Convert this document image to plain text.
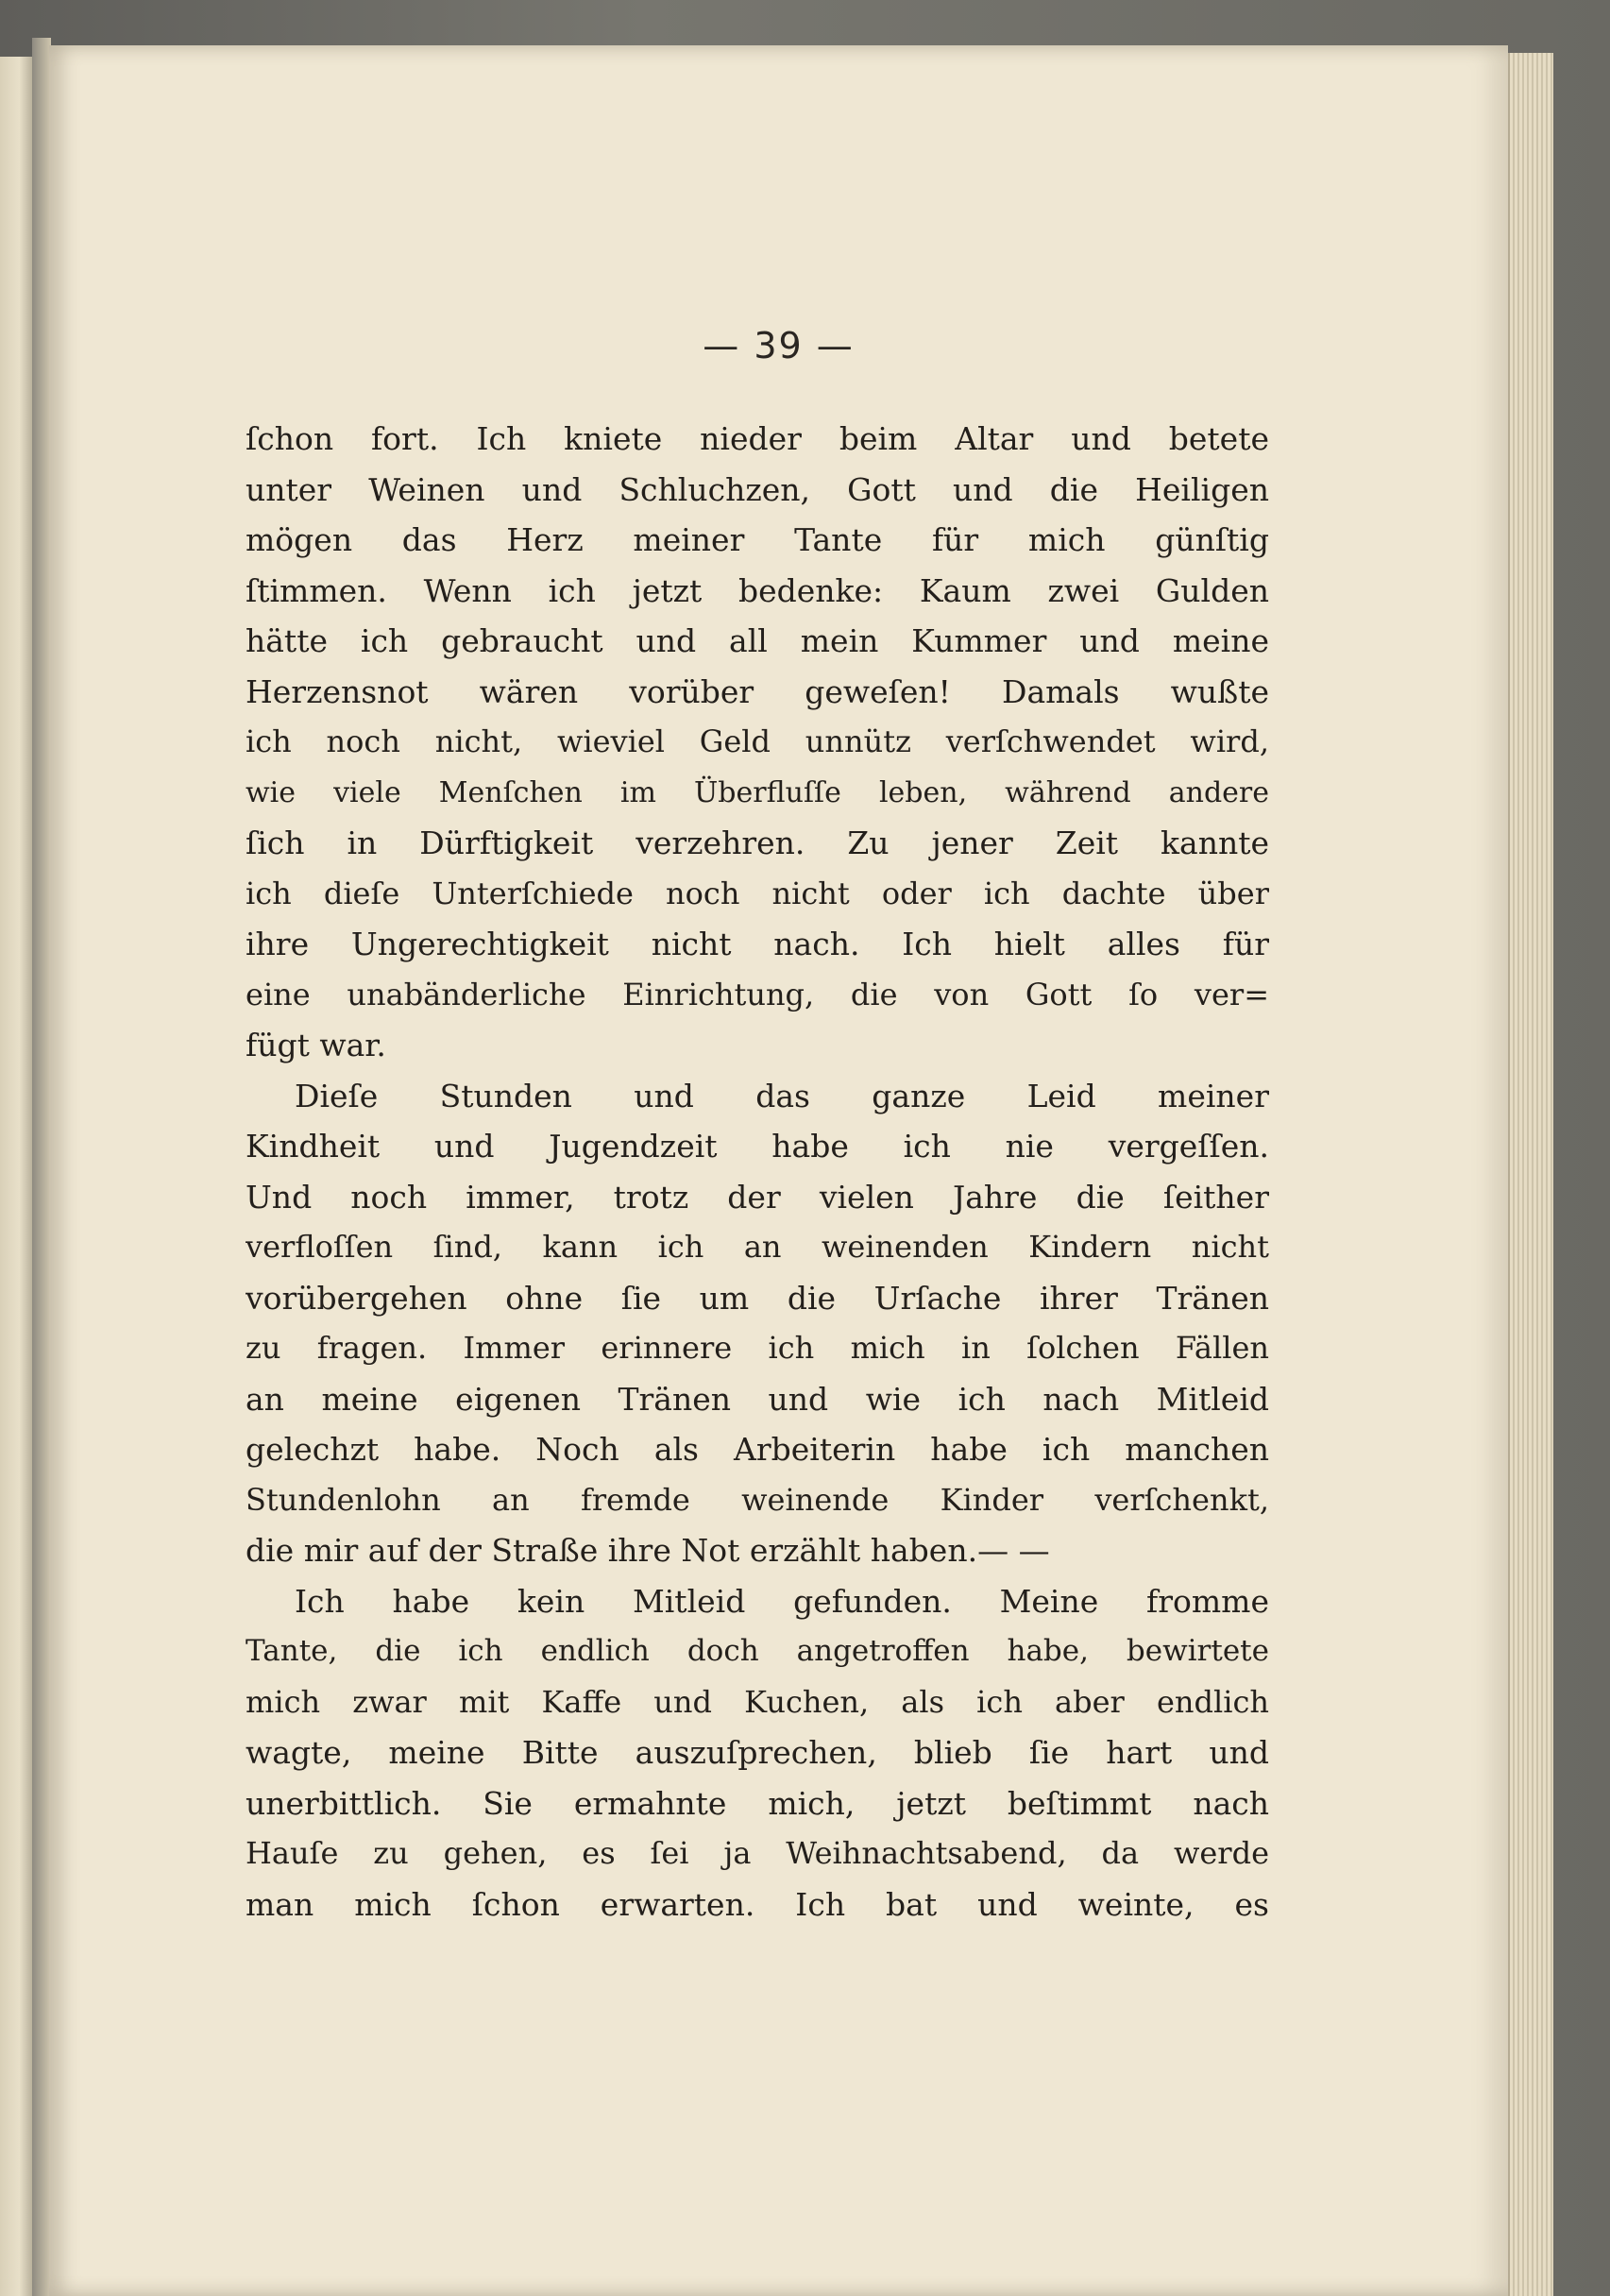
— 39 —
ſchon fort. Ich kniete nieder beim Altar und betete
unter Weinen und Schluchzen, Gott und die Heiligen
mögen das Herz meiner Tante für mich günſtig
ſtimmen. Wenn ich jetzt bedenke: Kaum zwei Gulden
hätte ich gebraucht und all mein Kummer und meine
Herzensnot wären vorüber geweſen! Damals wußte
ich noch nicht, wieviel Geld unnütz verſchwendet wird,
wie viele Menſchen im Überfluſſe leben, während andere
ſich in Dürftigkeit verzehren. Zu jener Zeit kannte
ich dieſe Unterſchiede noch nicht oder ich dachte über
ihre Ungerechtigkeit nicht nach. Ich hielt alles für
eine unabänderliche Einrichtung, die von Gott ſo ver=
fügt war.
Dieſe Stunden und das ganze Leid meiner
Kindheit und Jugendzeit habe ich nie vergeſſen.
Und noch immer, trotz der vielen Jahre die ſeither
verfloſſen ſind, kann ich an weinenden Kindern nicht
vorübergehen ohne ſie um die Urſache ihrer Tränen
zu fragen. Immer erinnere ich mich in ſolchen Fällen
an meine eigenen Tränen und wie ich nach Mitleid
gelechzt habe. Noch als Arbeiterin habe ich manchen
Stundenlohn an fremde weinende Kinder verſchenkt,
die mir auf der Straße ihre Not erzählt haben.— —
Ich habe kein Mitleid gefunden. Meine fromme
Tante, die ich endlich doch angetroffen habe, bewirtete
mich zwar mit Kaffe und Kuchen, als ich aber endlich
wagte, meine Bitte auszuſprechen, blieb ſie hart und
unerbittlich. Sie ermahnte mich, jetzt beſtimmt nach
Hauſe zu gehen, es ſei ja Weihnachtsabend, da werde
man mich ſchon erwarten. Ich bat und weinte, es
